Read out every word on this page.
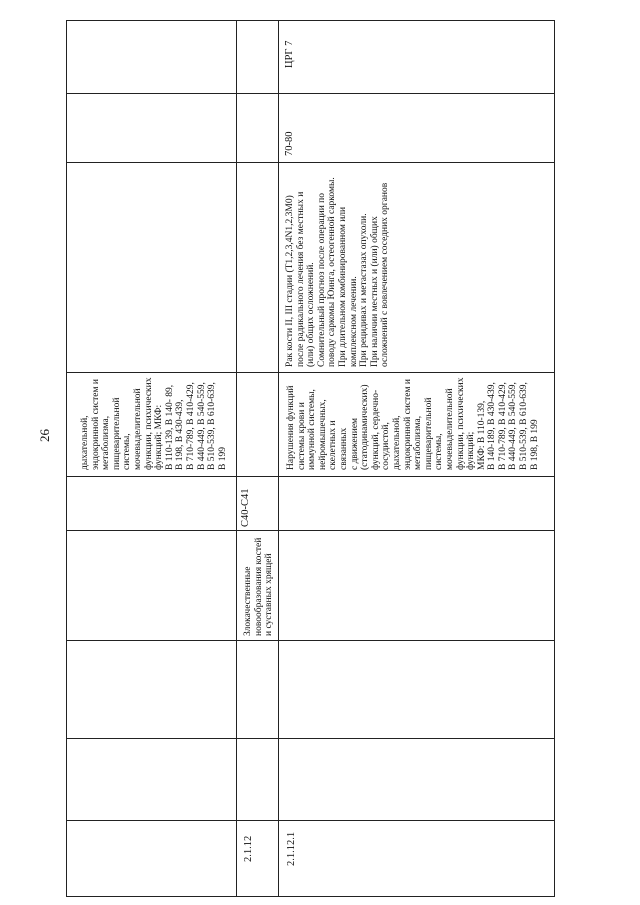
26	дыхательной,
эндокринной систем и
метаболизма,
пищеварительной
системы,
мочевыделительной
функции, психических
функций; МКФ:
В 110-139, В 140- 89,
В 198, В 430-439,
В 710-789, В 410-429,
В 440-449, В 540-559,
В 510-539, В 610-639,
В 199
2.1.12
Злокачественные
новообразования костей
и суставных хрящей
C40-C41
2.1.12.1
Нарушения функций
системы крови и
иммунной системы,
нейромышечных,
скелетных и связанных
с движением
(статодинамических)
функций, сердечно-
сосудистой,
дыхательной,
эндокринной систем и
метаболизма,
пищеварительной
системы,
мочевыделительной
функции, психических
функций;
МКФ: В 110-139,
В 140-189, В 430-439,
В 710-789, В 410-429,
В 440-449, В 540-559,
В 510-539, В 610-639,
В 198, В 199
Рак кости II, III стадии (T1,2,3,4N1,2,3M0)
после радикального лечения без местных и
(или) общих осложнений.
Сомнительный прогноз после операции по
поводу саркомы Юинга, остеогенной саркомы.
При длительном комбинированном или
комплексном лечении.
При рецидивах и метастазах опухоли.
При наличии местных и (или) общих
осложнений с вовлечением соседних органов
70-80
ЦРГ 7
